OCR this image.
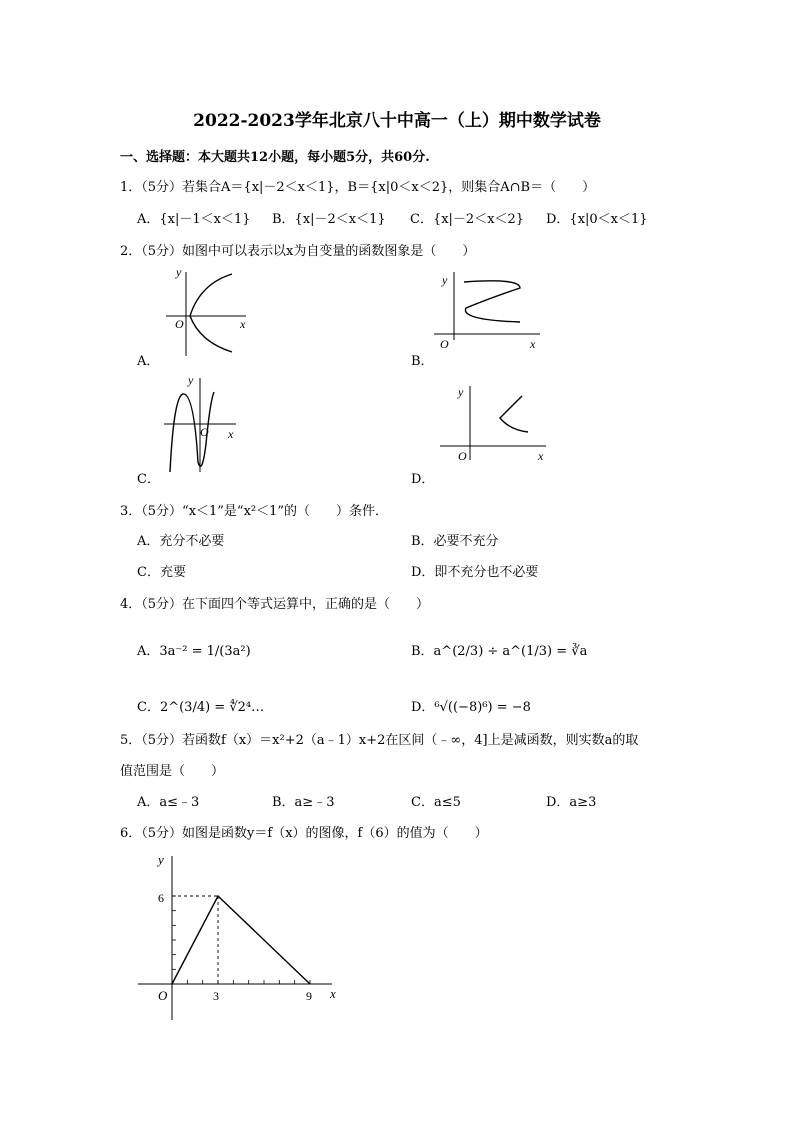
2022-2023学年北京八十中高一（上）期中数学试卷
一、选择题：本大题共12小题，每小题5分，共60分.
1．（5分）若集合A＝{x|－2＜x＜1}，B＝{x|0＜x＜2}，则集合A∩B＝（　　）
A．{x|－1＜x＜1} B．{x|－2＜x＜1} C．{x|－2＜x＜2} D．{x|0＜x＜1}
2．（5分）如图中可以表示以x为自变量的函数图象是（　　）
y
x
O
A．
y
x
O
B．
y
x
O
C．
y
x
O
D．
3．（5分）“x＜1”是“x²＜1”的（　　）条件．
A．充分不必要	B．必要不充分
C．充要	D．即不充分也不必要
4．（5分）在下面四个等式运算中，正确的是（　　）
A．3a⁻² = 1/(3a²)	B．a^(2/3) ÷ a^(1/3) = ∛a
C．2^(3/4) = ∜2⁴…	D．⁶√((−8)⁶) = −8
5．（5分）若函数f（x）＝x²+2（a﹣1）x+2在区间（﹣∞，4]上是减函数，则实数a的取
值范围是（　　）
A．a≤﹣3	B．a≥﹣3	C．a≤5	D．a≥3
6．（5分）如图是函数y＝f（x）的图像，f（6）的值为（　　）
y
x
O	3	9
6
